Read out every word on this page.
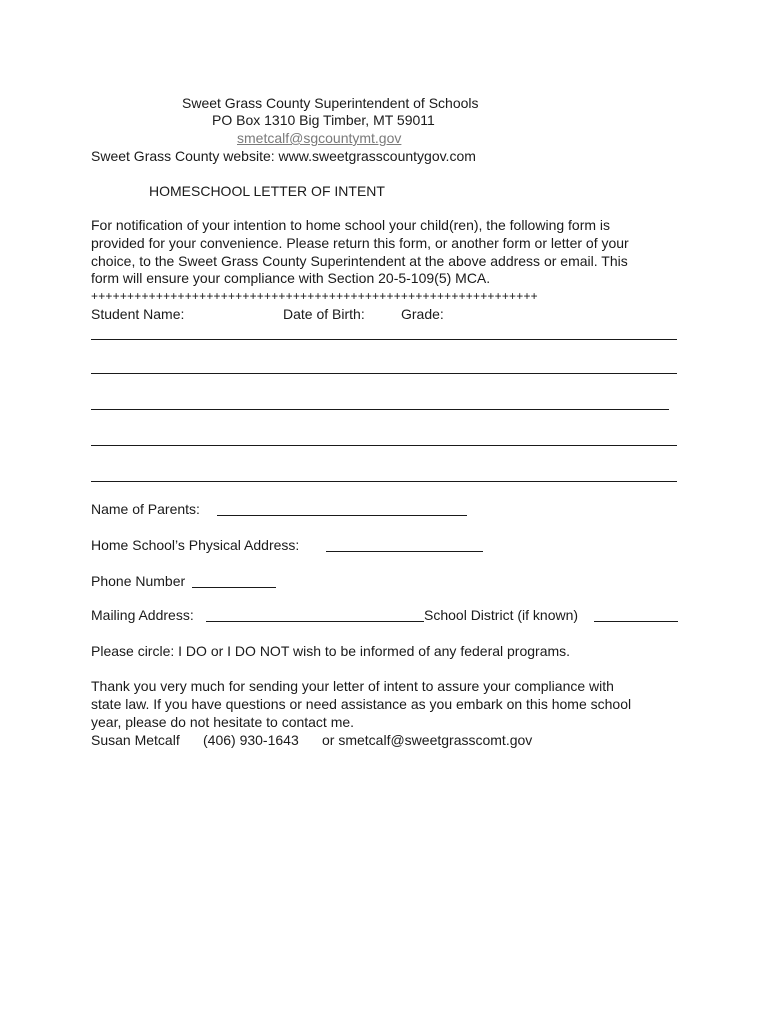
Sweet Grass County Superintendent of Schools

PO Box 1310 Big Timber, MT 59011

smetcalf@sgcountymt.gov

Sweet Grass County website: www.sweetgrasscountygov.com

HOMESCHOOL LETTER OF INTENT

For notification of your intention to home school your child(ren), the following form is

provided for your convenience. Please return this form, or another form or letter of your

choice, to the Sweet Grass County Superintendent at the above address or email. This

form will ensure your compliance with Section 20-5-109(5) MCA.

++++++++++++++++++++++++++++++++++++++++++++++++++++++++++++++

Student Name:	Date of Birth:	Grade:

Name of Parents:

Home School’s Physical Address:

Phone Number

Mailing Address:	School District (if known)

Please circle: I DO or I DO NOT wish to be informed of any federal programs.

Thank you very much for sending your letter of intent to assure your compliance with

state law. If you have questions or need assistance as you embark on this home school

year, please do not hesitate to contact me.

Susan Metcalf (406) 930-1643 or smetcalf@sweetgrasscomt.gov
